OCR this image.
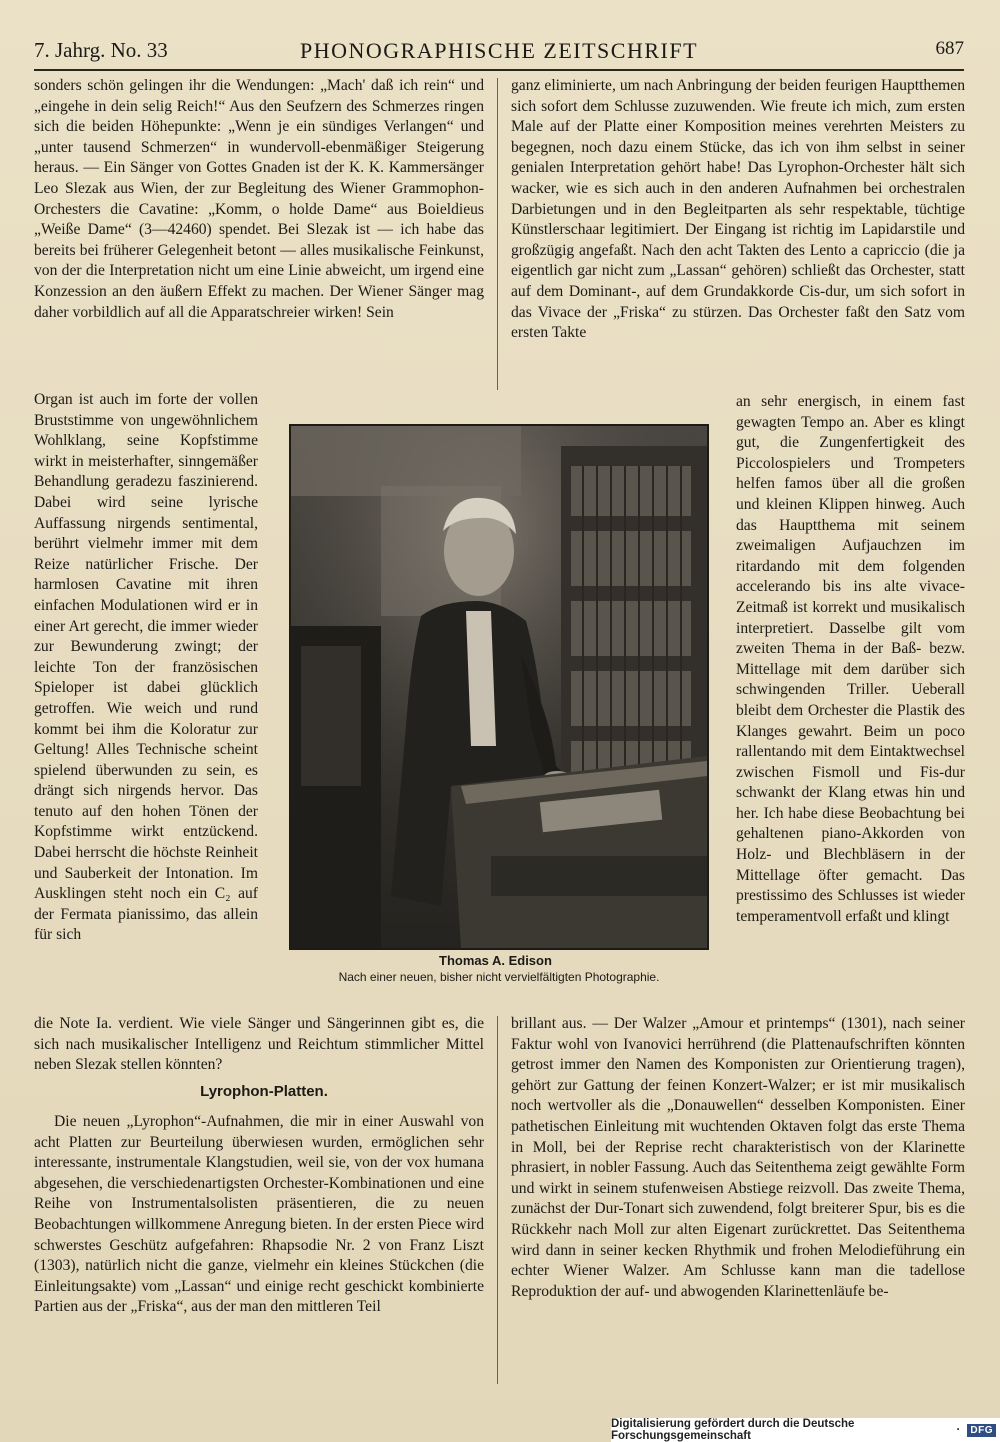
7. Jahrg. No. 33	PHONOGRAPHISCHE ZEITSCHRIFT	687

sonders schön gelingen ihr die Wendungen: „Mach' daß ich rein“ und „eingehe in dein selig Reich!“ Aus den Seufzern des Schmerzes ringen sich die beiden Höhepunkte: „Wenn je ein sündiges Verlangen“ und „unter tausend Schmerzen“ in wundervoll-ebenmäßiger Steigerung heraus. — Ein Sänger von Gottes Gnaden ist der K. K. Kammersänger Leo Slezak aus Wien, der zur Begleitung des Wiener Grammophon-Orchesters die Cavatine: „Komm, o holde Dame“ aus Boieldieus „Weiße Dame“ (3—42460) spendet. Bei Slezak ist — ich habe das bereits bei früherer Gelegenheit betont — alles musikalische Feinkunst, von der die Interpretation nicht um eine Linie abweicht, um irgend eine Konzession an den äußern Effekt zu machen. Der Wiener Sänger mag daher vorbildlich auf all die Apparatschreier wirken! Sein

Organ ist auch im forte der vollen Bruststimme von ungewöhnlichem Wohlklang, seine Kopfstimme wirkt in meisterhafter, sinngemäßer Behandlung geradezu faszinierend. Dabei wird seine lyrische Auffassung nirgends sentimental, berührt vielmehr immer mit dem Reize natürlicher Frische. Der harmlosen Cavatine mit ihren einfachen Modulationen wird er in einer Art gerecht, die immer wieder zur Bewunderung zwingt; der leichte Ton der französischen Spieloper ist dabei glücklich getroffen. Wie weich und rund kommt bei ihm die Koloratur zur Geltung! Alles Technische scheint spielend überwunden zu sein, es drängt sich nirgends hervor. Das tenuto auf den hohen Tönen der Kopfstimme wirkt entzückend. Dabei herrscht die höchste Reinheit und Sauberkeit der Intonation. Im Ausklingen steht noch ein C₂ auf der Fermata pianissimo, das allein für sich

die Note Ia. verdient. Wie viele Sänger und Sängerinnen gibt es, die sich nach musikalischer Intelligenz und Reichtum stimmlicher Mittel neben Slezak stellen könnten?

Lyrophon-Platten.

Die neuen „Lyrophon“-Aufnahmen, die mir in einer Auswahl von acht Platten zur Beurteilung überwiesen wurden, ermöglichen sehr interessante, instrumentale Klangstudien, weil sie, von der vox humana abgesehen, die verschiedenartigsten Orchester-Kombinationen und eine Reihe von Instrumentalsolisten präsentieren, die zu neuen Beobachtungen willkommene Anregung bieten. In der ersten Piece wird schwerstes Geschütz aufgefahren: Rhapsodie Nr. 2 von Franz Liszt (1303), natürlich nicht die ganze, vielmehr ein kleines Stückchen (die Einleitungsakte) vom „Lassan“ und einige recht geschickt kombinierte Partien aus der „Friska“, aus der man den mittleren Teil

ganz eliminierte, um nach Anbringung der beiden feurigen Hauptthemen sich sofort dem Schlusse zuzuwenden. Wie freute ich mich, zum ersten Male auf der Platte einer Komposition meines verehrten Meisters zu begegnen, noch dazu einem Stücke, das ich von ihm selbst in seiner genialen Interpretation gehört habe! Das Lyrophon-Orchester hält sich wacker, wie es sich auch in den anderen Aufnahmen bei orchestralen Darbietungen und in den Begleitparten als sehr respektable, tüchtige Künstlerschaar legitimiert. Der Eingang ist richtig im Lapidarstile und großzügig angefaßt. Nach den acht Takten des Lento a capriccio (die ja eigentlich gar nicht zum „Lassan“ gehören) schließt das Orchester, statt auf dem Dominant-, auf dem Grundakkorde Cis-dur, um sich sofort in das Vivace der „Friska“ zu stürzen. Das Orchester faßt den Satz vom ersten Takte

an sehr energisch, in einem fast gewagten Tempo an. Aber es klingt gut, die Zungenfertigkeit des Piccolospielers und Trompeters helfen famos über all die großen und kleinen Klippen hinweg. Auch das Hauptthema mit seinem zweimaligen Aufjauchzen im ritardando mit dem folgenden accelerando bis ins alte vivace-Zeitmaß ist korrekt und musikalisch interpretiert. Dasselbe gilt vom zweiten Thema in der Baß- bezw. Mittellage mit dem darüber sich schwingenden Triller. Ueberall bleibt dem Orchester die Plastik des Klanges gewahrt. Beim un poco rallentando mit dem Eintaktwechsel zwischen Fismoll und Fis-dur schwankt der Klang etwas hin und her. Ich habe diese Beobachtung bei gehaltenen piano-Akkorden von Holz- und Blechbläsern in der Mittellage öfter gemacht. Das prestissimo des Schlusses ist wieder temperamentvoll erfaßt und klingt

brillant aus. — Der Walzer „Amour et printemps“ (1301), nach seiner Faktur wohl von Ivanovici herrührend (die Plattenaufschriften könnten getrost immer den Namen des Komponisten zur Orientierung tragen), gehört zur Gattung der feinen Konzert-Walzer; er ist mir musikalisch noch wertvoller als die „Donauwellen“ desselben Komponisten. Einer pathetischen Einleitung mit wuchtenden Oktaven folgt das erste Thema in Moll, bei der Reprise recht charakteristisch von der Klarinette phrasiert, in nobler Fassung. Auch das Seitenthema zeigt gewählte Form und wirkt in seinem stufenweisen Abstiege reizvoll. Das zweite Thema, zunächst der Dur-Tonart sich zuwendend, folgt breiterer Spur, bis es die Rückkehr nach Moll zur alten Eigenart zurückrettet. Das Seitenthema wird dann in seiner kecken Rhythmik und frohen Melodieführung ein echter Wiener Walzer. Am Schlusse kann man die tadellose Reproduktion der auf- und abwogenden Klarinettenläufe be-

Thomas A. Edison
Nach einer neuen, bisher nicht vervielfältigten Photographie.
Digitalisierung gefördert durch die Deutsche Forschungsgemeinschaft	·	DFG
